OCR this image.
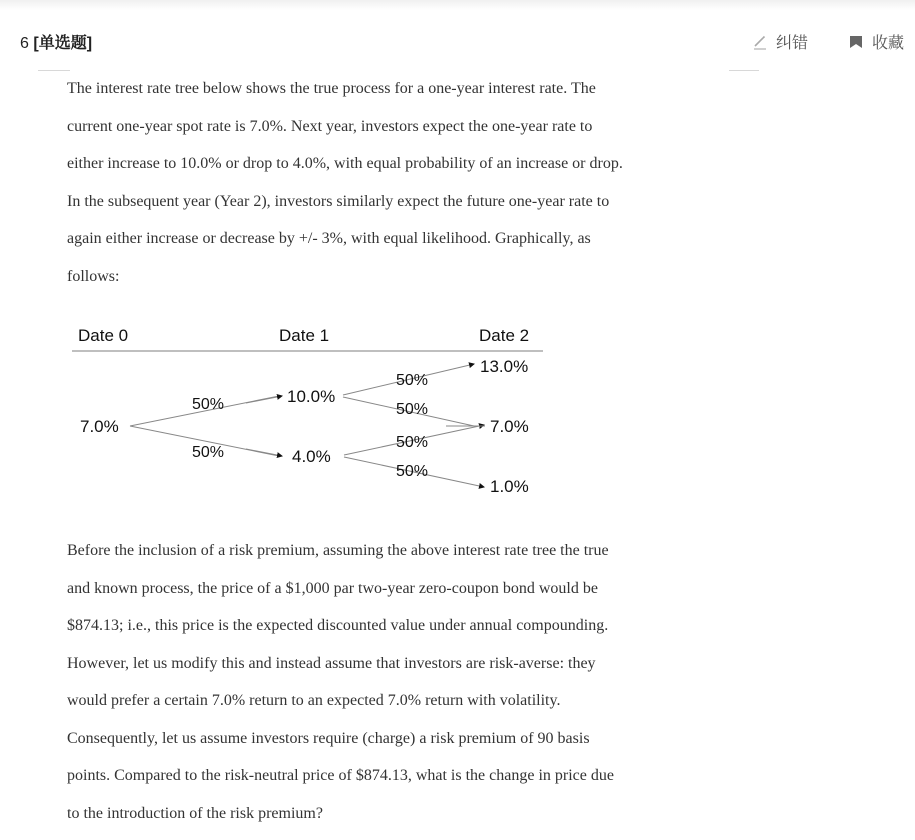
6 [单选题]	纠错	收藏
The interest rate tree below shows the true process for a one-year interest rate. The
current one-year spot rate is 7.0%. Next year, investors expect the one-year rate to
either increase to 10.0% or drop to 4.0%, with equal probability of an increase or drop.
In the subsequent year (Year 2), investors similarly expect the future one-year rate to
again either increase or decrease by +/- 3%, with equal likelihood. Graphically, as
follows:
Date 0	Date 1	Date 2
7.0%
10.0%
4.0%
13.0%
7.0%
1.0%
50%
50%
50%
50%
50%
50%
Before the inclusion of a risk premium, assuming the above interest rate tree the true
and known process, the price of a $1,000 par two-year zero-coupon bond would be
$874.13; i.e., this price is the expected discounted value under annual compounding.
However, let us modify this and instead assume that investors are risk-averse: they
would prefer a certain 7.0% return to an expected 7.0% return with volatility.
Consequently, let us assume investors require (charge) a risk premium of 90 basis
points. Compared to the risk-neutral price of $874.13, what is the change in price due
to the introduction of the risk premium?
